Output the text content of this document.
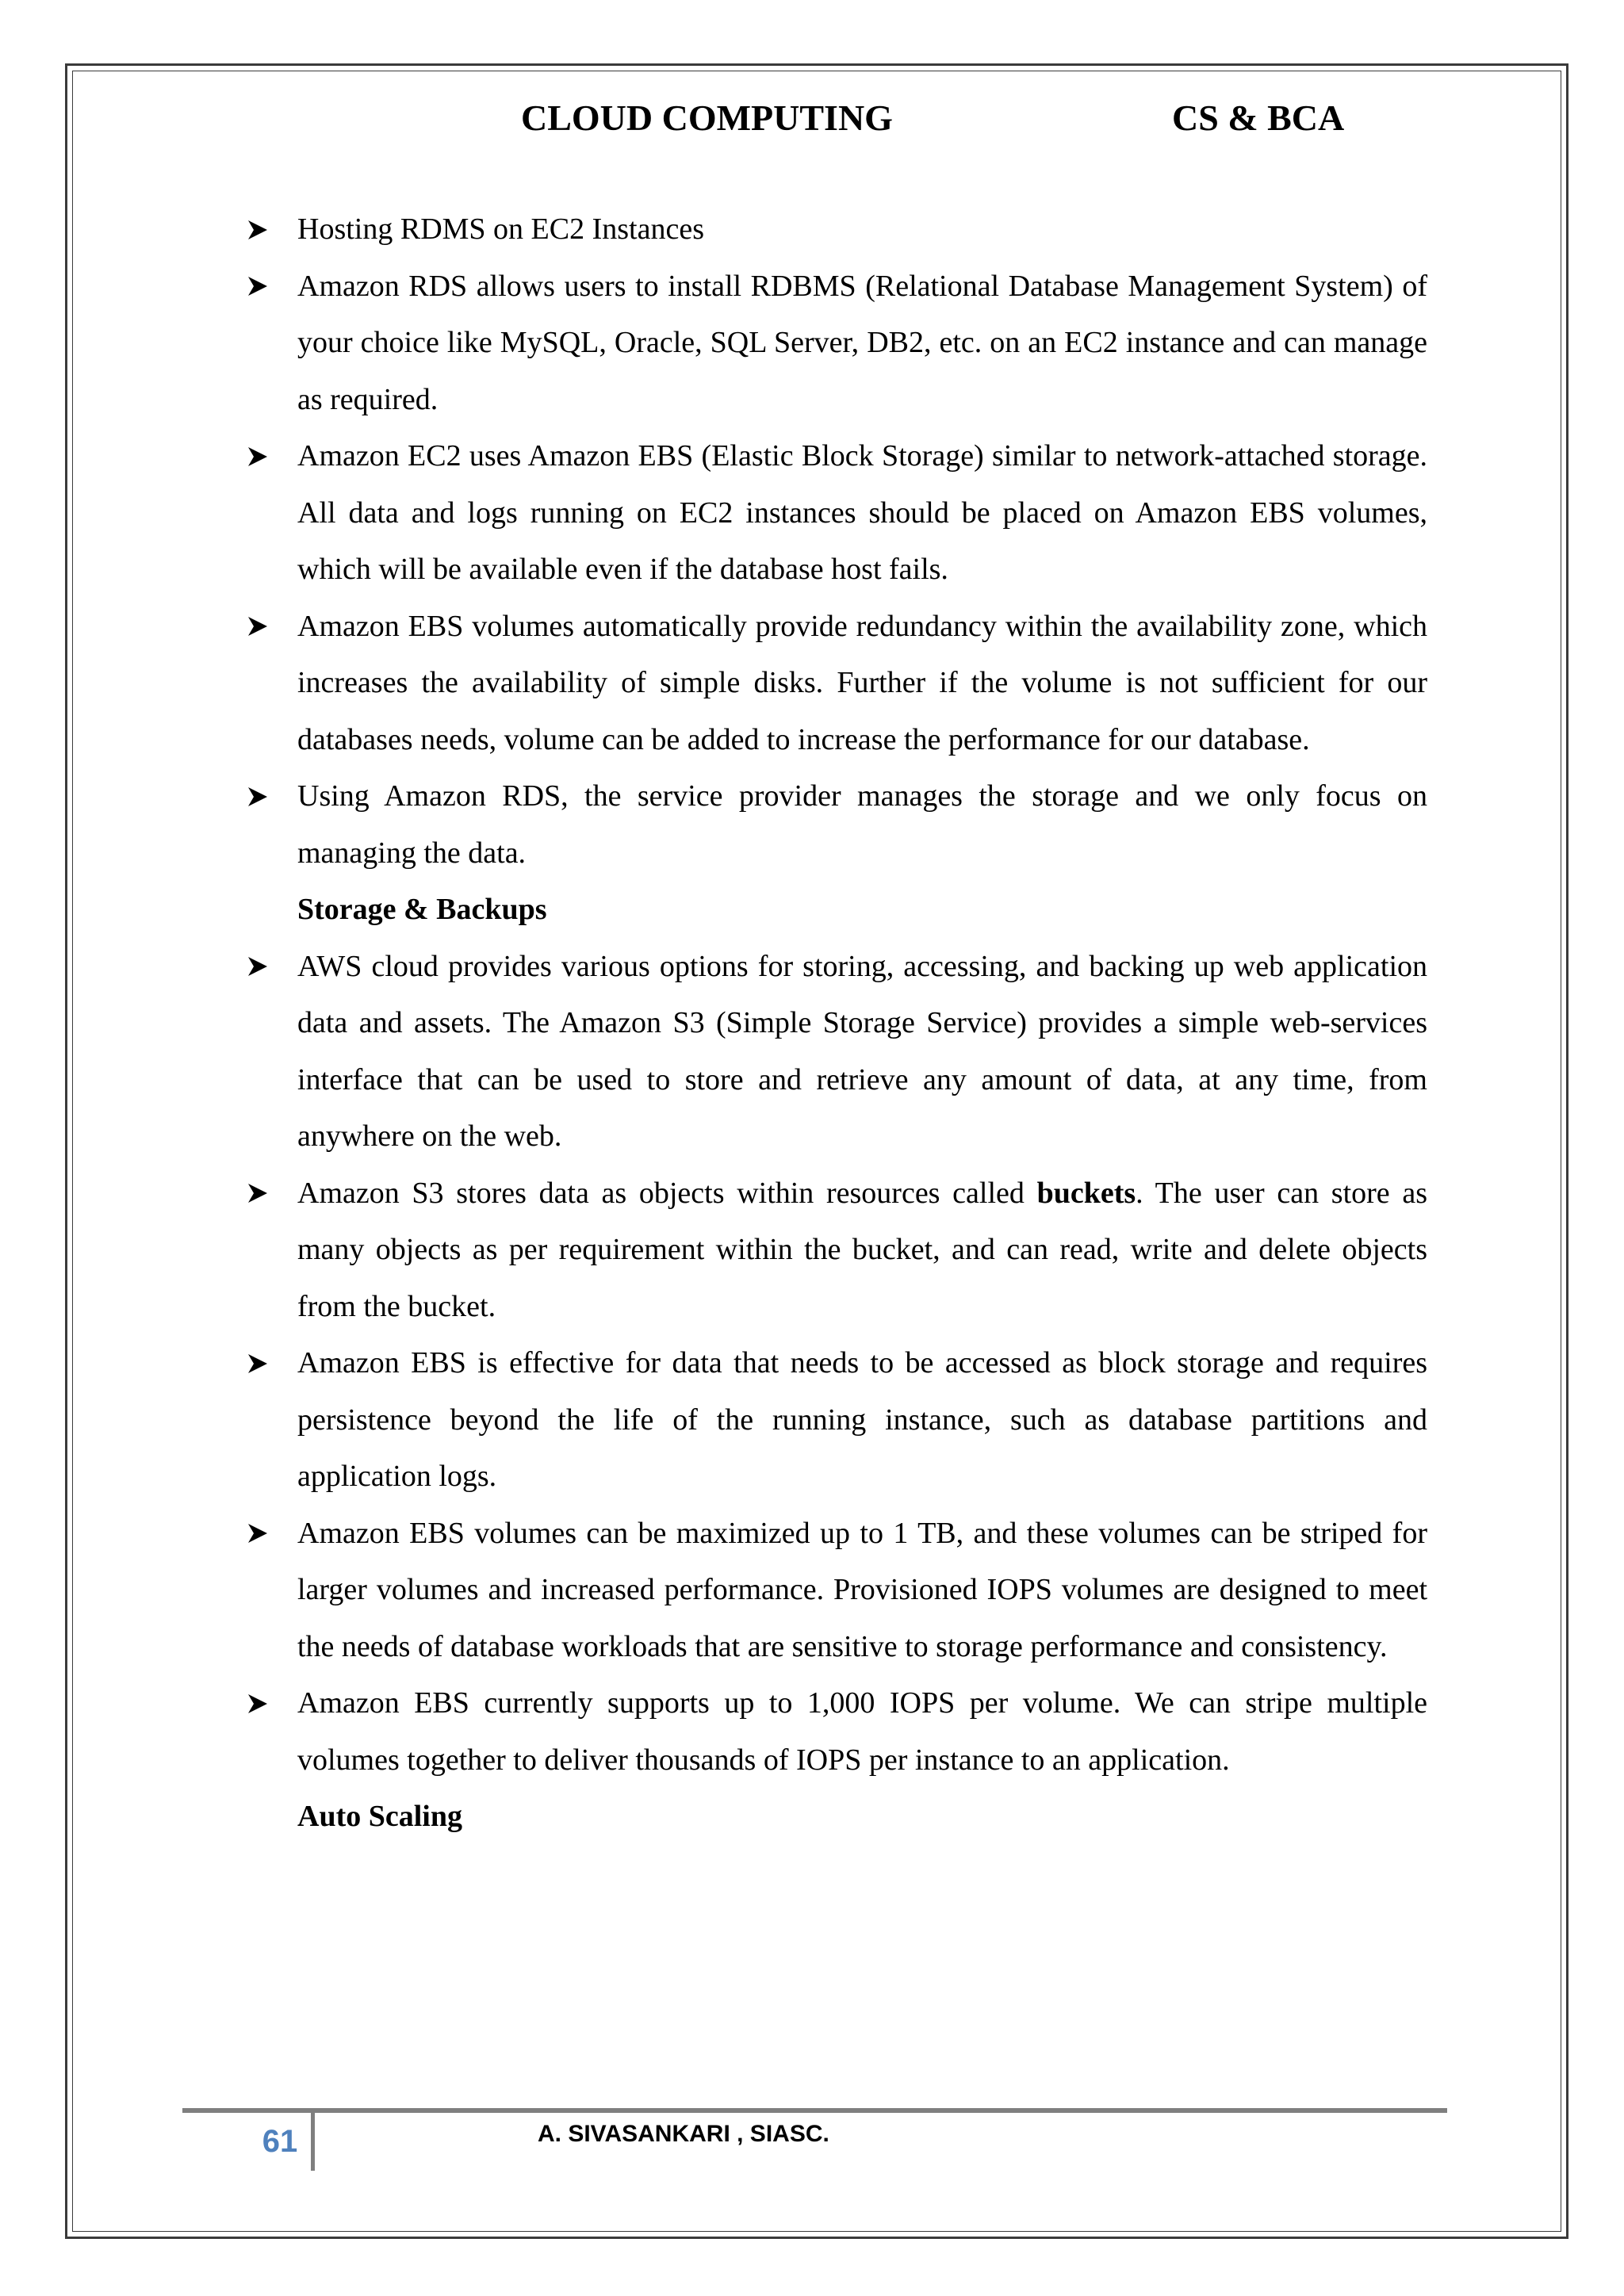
CLOUD COMPUTING	CS & BCA
Hosting RDMS on EC2 Instances
Amazon RDS allows users to install RDBMS (Relational Database Management System) of your choice like MySQL, Oracle, SQL Server, DB2, etc. on an EC2 instance and can manage as required.
Amazon EC2 uses Amazon EBS (Elastic Block Storage) similar to network-attached storage. All data and logs running on EC2 instances should be placed on Amazon EBS volumes, which will be available even if the database host fails.
Amazon EBS volumes automatically provide redundancy within the availability zone, which increases the availability of simple disks. Further if the volume is not sufficient for our databases needs, volume can be added to increase the performance for our database.
Using Amazon RDS, the service provider manages the storage and we only focus on managing the data.
Storage & Backups
AWS cloud provides various options for storing, accessing, and backing up web application data and assets. The Amazon S3 (Simple Storage Service) provides a simple web-services interface that can be used to store and retrieve any amount of data, at any time, from anywhere on the web.
Amazon S3 stores data as objects within resources called buckets. The user can store as many objects as per requirement within the bucket, and can read, write and delete objects from the bucket.
Amazon EBS is effective for data that needs to be accessed as block storage and requires persistence beyond the life of the running instance, such as database partitions and application logs.
Amazon EBS volumes can be maximized up to 1 TB, and these volumes can be striped for larger volumes and increased performance. Provisioned IOPS volumes are designed to meet the needs of database workloads that are sensitive to storage performance and consistency.
Amazon EBS currently supports up to 1,000 IOPS per volume. We can stripe multiple volumes together to deliver thousands of IOPS per instance to an application.
Auto Scaling
61	A. SIVASANKARI , SIASC.
